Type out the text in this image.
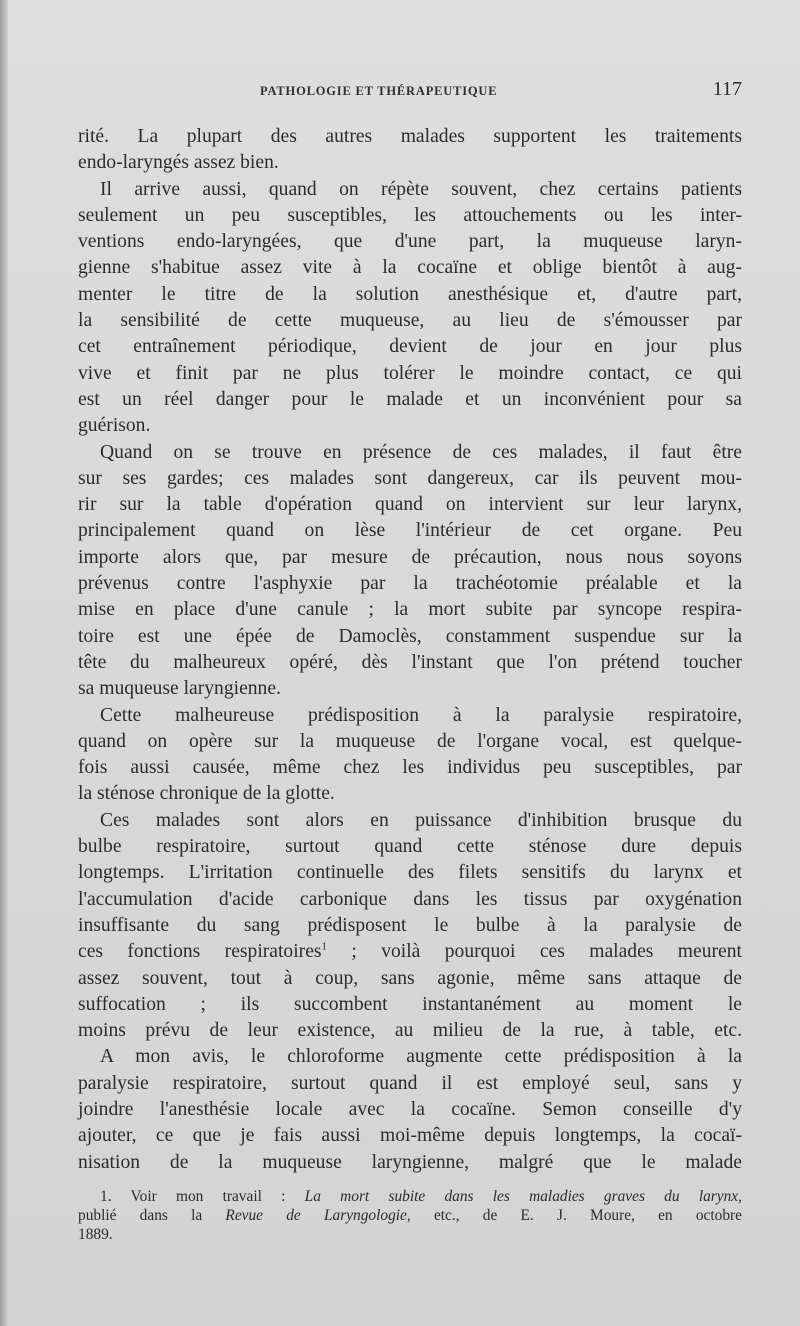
PATHOLOGIE ET THÉRAPEUTIQUE	117
rité. La plupart des autres malades supportent les traitements
endo-laryngés assez bien.
Il arrive aussi, quand on répète souvent, chez certains patients
seulement un peu susceptibles, les attouchements ou les inter-
ventions endo-laryngées, que d'une part, la muqueuse laryn-
gienne s'habitue assez vite à la cocaïne et oblige bientôt à aug-
menter le titre de la solution anesthésique et, d'autre part,
la sensibilité de cette muqueuse, au lieu de s'émousser par
cet entraînement périodique, devient de jour en jour plus
vive et finit par ne plus tolérer le moindre contact, ce qui
est un réel danger pour le malade et un inconvénient pour sa
guérison.
Quand on se trouve en présence de ces malades, il faut être
sur ses gardes; ces malades sont dangereux, car ils peuvent mou-
rir sur la table d'opération quand on intervient sur leur larynx,
principalement quand on lèse l'intérieur de cet organe. Peu
importe alors que, par mesure de précaution, nous nous soyons
prévenus contre l'asphyxie par la trachéotomie préalable et la
mise en place d'une canule ; la mort subite par syncope respira-
toire est une épée de Damoclès, constamment suspendue sur la
tête du malheureux opéré, dès l'instant que l'on prétend toucher
sa muqueuse laryngienne.
Cette malheureuse prédisposition à la paralysie respiratoire,
quand on opère sur la muqueuse de l'organe vocal, est quelque-
fois aussi causée, même chez les individus peu susceptibles, par
la sténose chronique de la glotte.
Ces malades sont alors en puissance d'inhibition brusque du
bulbe respiratoire, surtout quand cette sténose dure depuis
longtemps. L'irritation continuelle des filets sensitifs du larynx et
l'accumulation d'acide carbonique dans les tissus par oxygénation
insuffisante du sang prédisposent le bulbe à la paralysie de
ces fonctions respiratoires$^1$ ; voilà pourquoi ces malades meurent
assez souvent, tout à coup, sans agonie, même sans attaque de
suffocation ; ils succombent instantanément au moment le
moins prévu de leur existence, au milieu de la rue, à table, etc.
A mon avis, le chloroforme augmente cette prédisposition à la
paralysie respiratoire, surtout quand il est employé seul, sans y
joindre l'anesthésie locale avec la cocaïne. Semon conseille d'y
ajouter, ce que je fais aussi moi-même depuis longtemps, la cocaï-
nisation de la muqueuse laryngienne, malgré que le malade
1. Voir mon travail : La mort subite dans les maladies graves du larynx,
publié dans la Revue de Laryngologie, etc., de E. J. Moure, en octobre
1889.
